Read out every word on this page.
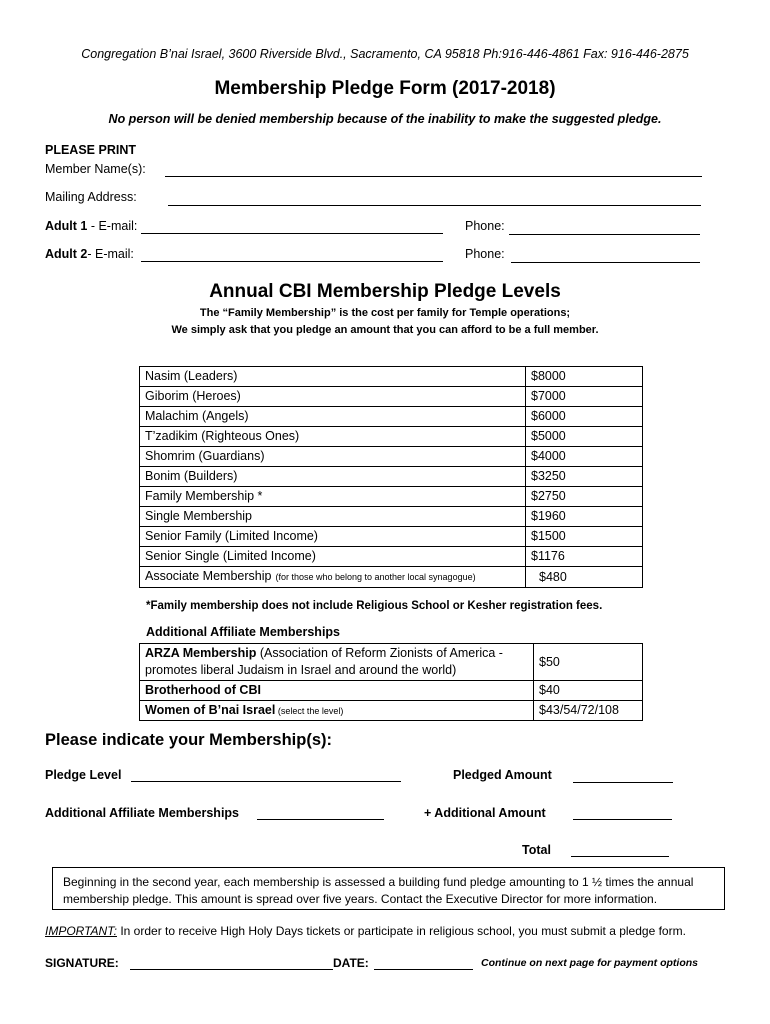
Congregation B’nai Israel, 3600 Riverside Blvd., Sacramento, CA 95818 Ph:916-446-4861 Fax: 916-446-2875
Membership Pledge Form (2017-2018)
No person will be denied membership because of the inability to make the suggested pledge.
PLEASE PRINT
Member Name(s):
Mailing Address:
Adult 1 - E-mail:	Phone:
Adult 2- E-mail:	Phone:
Annual CBI Membership Pledge Levels
The “Family Membership” is the cost per family for Temple operations;
We simply ask that you pledge an amount that you can afford to be a full member.
Nasim (Leaders)	$8000
Giborim (Heroes)	$7000
Malachim (Angels)	$6000
T’zadikim (Righteous Ones)	$5000
Shomrim (Guardians)	$4000
Bonim (Builders)	$3250
Family Membership *	$2750
Single Membership	$1960
Senior Family (Limited Income)	$1500
Senior Single (Limited Income)	$1176
Associate Membership (for those who belong to another local synagogue)	$480
*Family membership does not include Religious School or Kesher registration fees.
Additional Affiliate Memberships
ARZA Membership (Association of Reform Zionists of America -
promotes liberal Judaism in Israel and around the world)	$50
Brotherhood of CBI	$40
Women of B’nai Israel (select the level)	$43/54/72/108
Please indicate your Membership(s):
Pledge Level	Pledged Amount
Additional Affiliate Memberships	+ Additional Amount
Total
Beginning in the second year, each membership is assessed a building fund pledge amounting to 1 ½ times the annual
membership pledge. This amount is spread over five years. Contact the Executive Director for more information.
IMPORTANT: In order to receive High Holy Days tickets or participate in religious school, you must submit a pledge form.
SIGNATURE:	DATE:	Continue on next page for payment options
